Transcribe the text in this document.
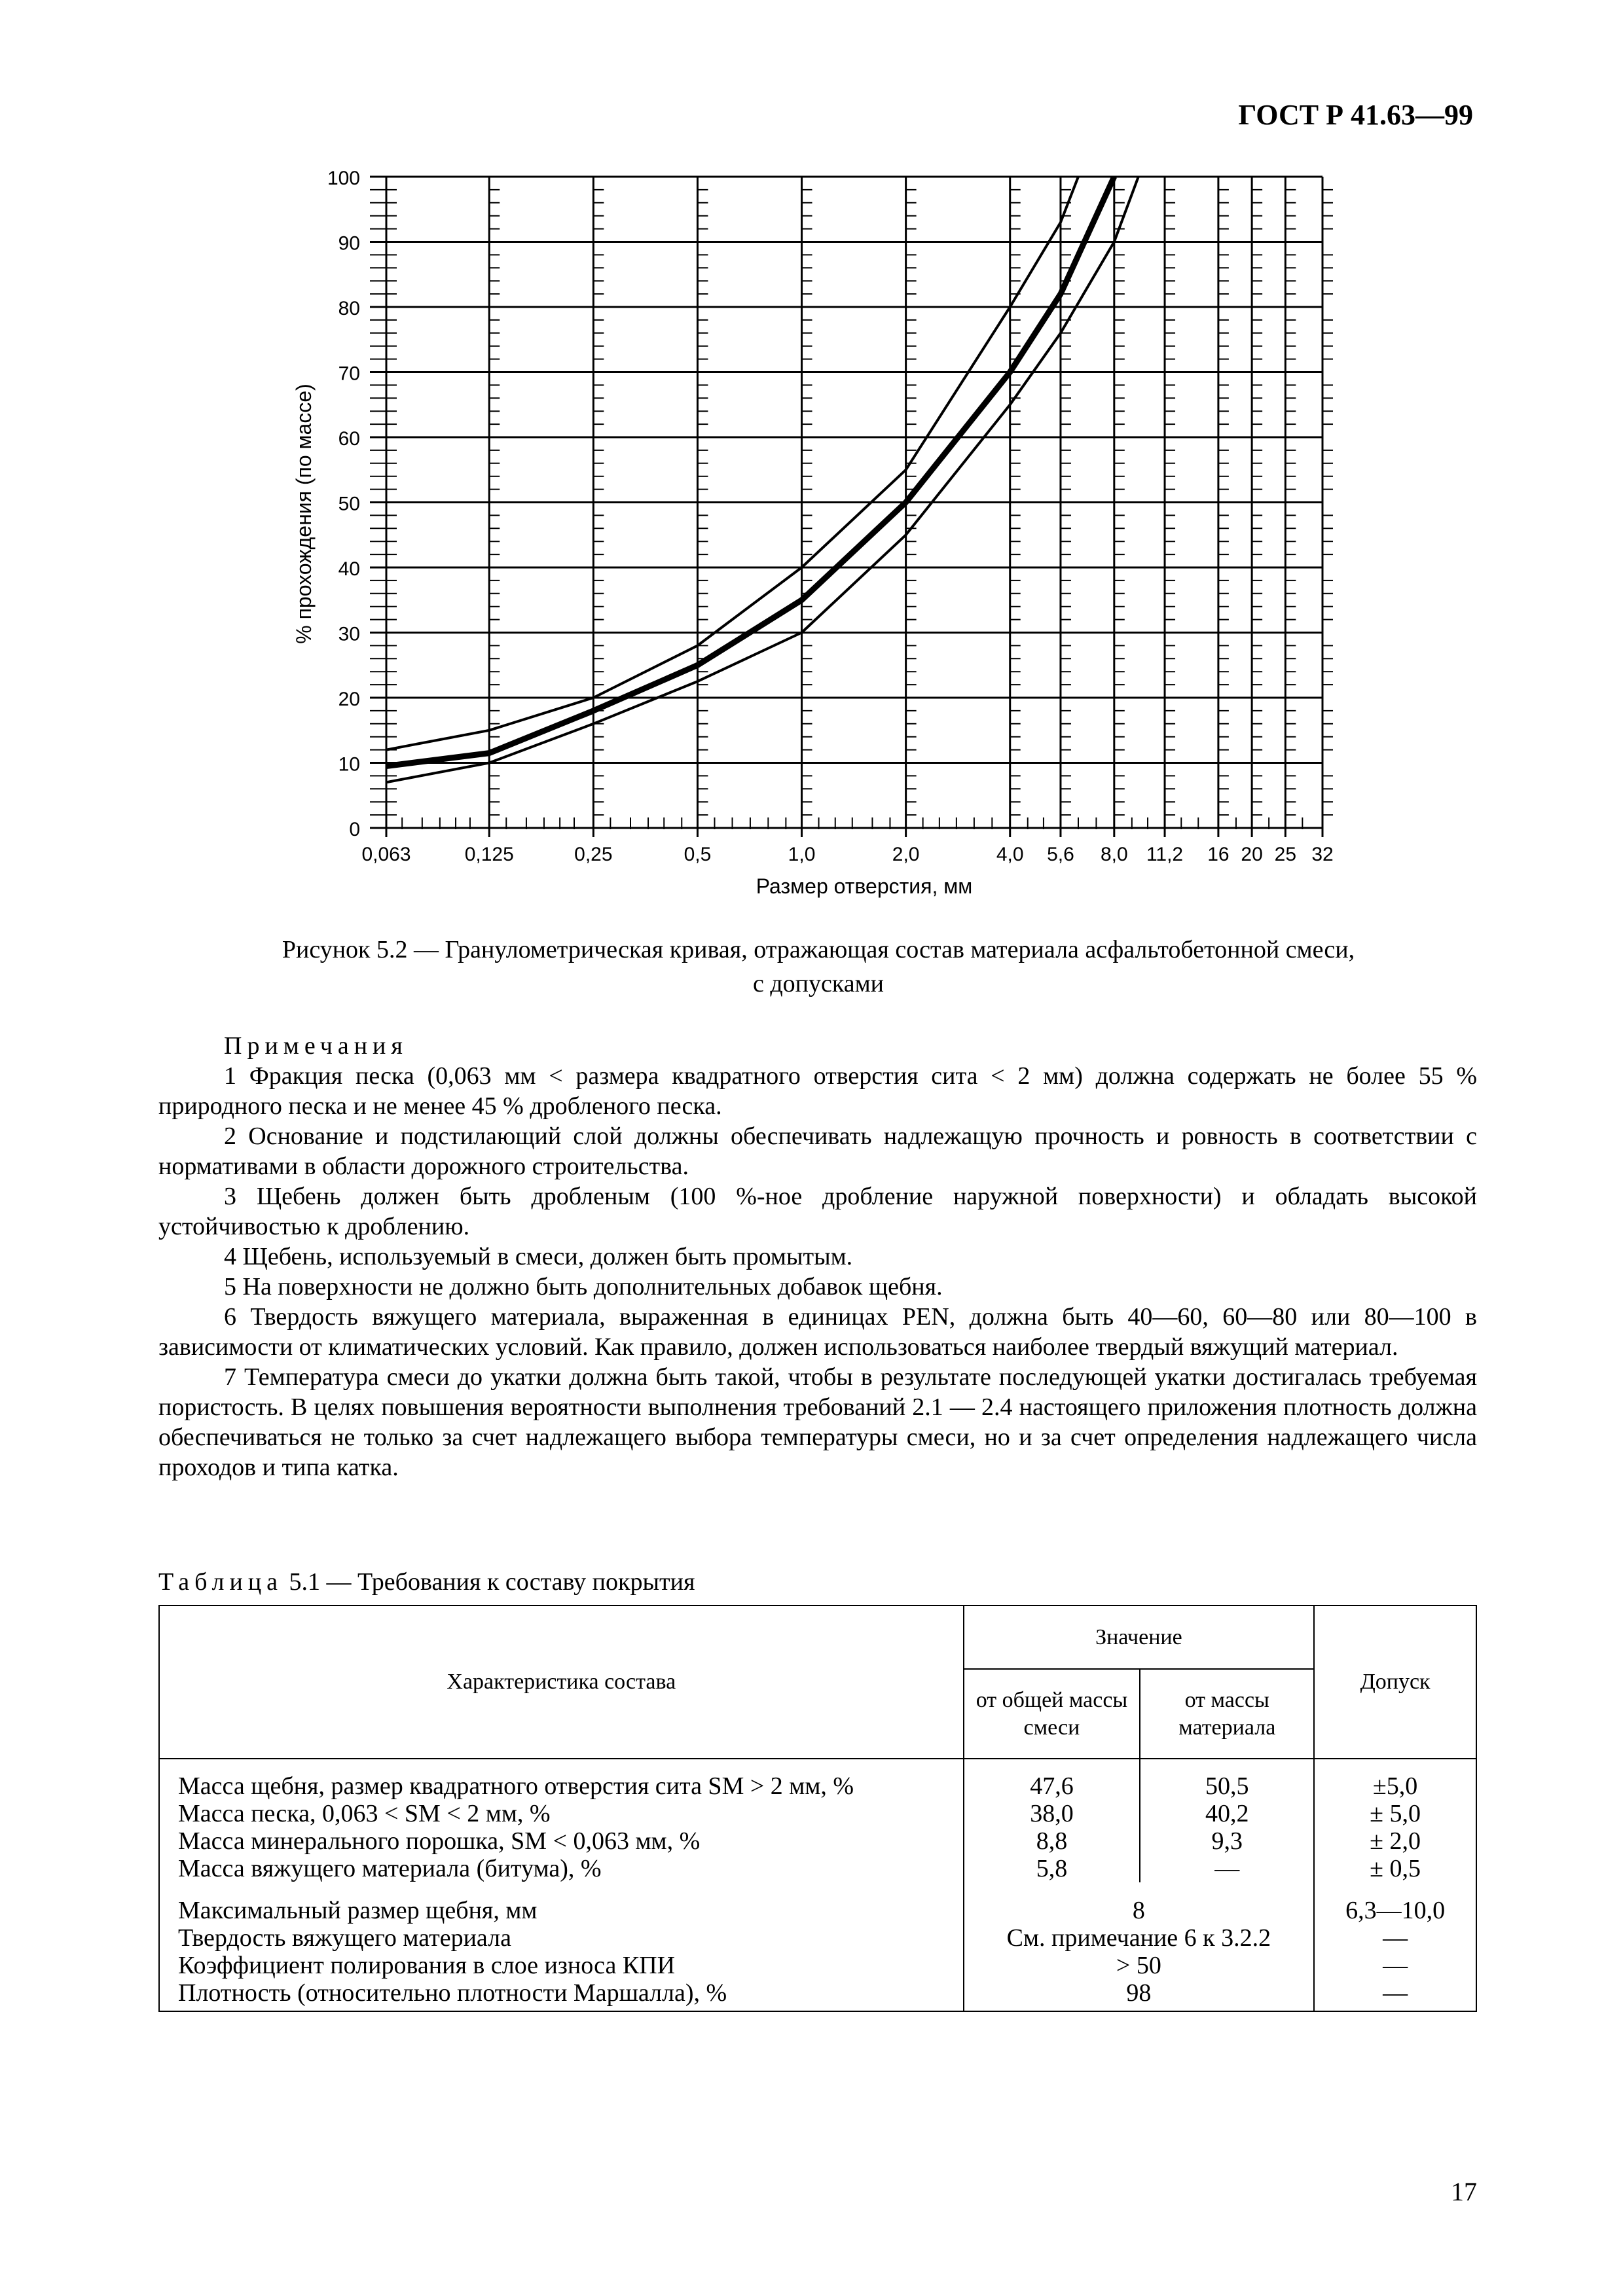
ГОСТ Р 41.63—99
0
10
20
30
40
50
60
70
80
90
100
0,063	0,125	0,25	0,5	1,0	2,0	4,0 5,6 8,0 11,2 16 20 25 32
Размер отверстия, мм
% прохождения (по массе)
Рисунок 5.2 — Гранулометрическая кривая, отражающая состав материала асфальтобетонной смеси,
с допусками
Примечания

1 Фракция песка (0,063 мм < размера квадратного отверстия сита < 2 мм) должна содержать не более 55 % природного песка и не менее 45 % дробленого песка.

2 Основание и подстилающий слой должны обеспечивать надлежащую прочность и ровность в соответствии с нормативами в области дорожного строительства.

3 Щебень должен быть дробленым (100 %-ное дробление наружной поверхности) и обладать высокой устойчивостью к дроблению.

4 Щебень, используемый в смеси, должен быть промытым.

5 На поверхности не должно быть дополнительных добавок щебня.

6 Твердость вяжущего материала, выраженная в единицах PEN, должна быть 40—60, 60—80 или 80—100 в зависимости от климатических условий. Как правило, должен использоваться наиболее твердый вяжущий материал.

7 Температура смеси до укатки должна быть такой, чтобы в результате последующей укатки достигалась требуемая пористость. В целях повышения вероятности выполнения требований 2.1 — 2.4 настоящего приложения плотность должна обеспечиваться не только за счет надлежащего выбора температуры смеси, но и за счет определения надлежащего числа проходов и типа катка.

Таблица 5.1 — Требования к составу покрытия
Характеристика состава	Значение		Допуск
	от общей массы смеси	от массы материала	
Масса щебня, размер квадратного отверстия сита SM > 2 мм, %	47,6	50,5	±5,0
Масса песка, 0,063 < SM < 2 мм, %	38,0	40,2	± 5,0
Масса минерального порошка, SM < 0,063 мм, %	8,8	9,3	± 2,0
Масса вяжущего материала (битума), %	5,8	—	± 0,5
Максимальный размер щебня, мм	8		6,3—10,0
Твердость вяжущего материала	См. примечание 6 к 3.2.2		—
Коэффициент полирования в слое износа КПИ	> 50		—
Плотность (относительно плотности Маршалла), %	98		—
17
